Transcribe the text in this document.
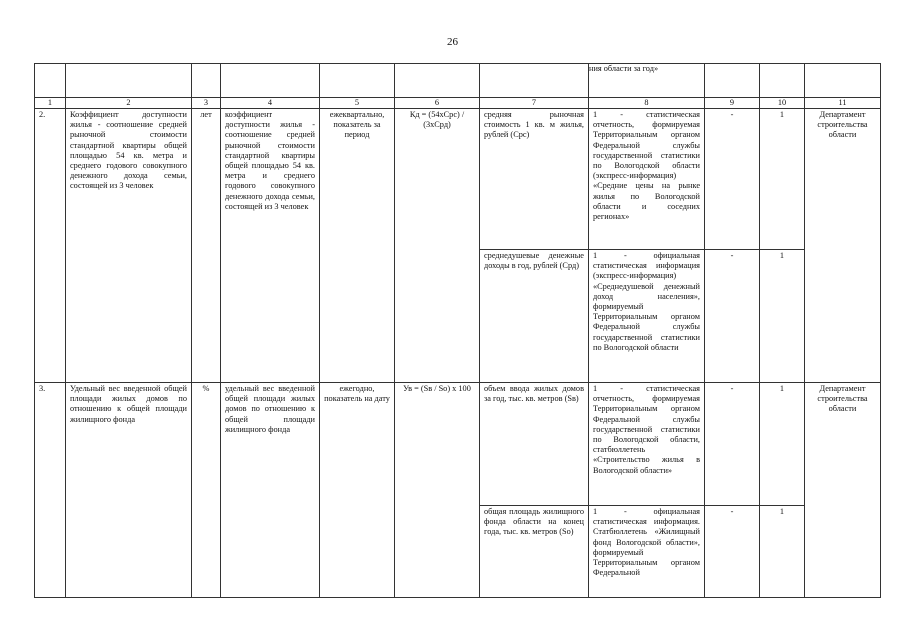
26

							ния области за год»			

1	2	3	4	5	6	7	8	9	10	11
2.	Коэффициент доступности жилья - соотношение средней рыночной стоимости стандартной квартиры общей площадью 54 кв. метра и среднего годового совокупного денежного дохода семьи, состоящей из 3 человек	лет	коэффициент доступности жилья - соотношение средней рыночной стоимости стандартной квартиры общей площадью 54 кв. метра и среднего годового совокупного денежного дохода семьи, состоящей из 3 человек	ежеквартально, показатель за период	Кд = (54хСрс) / (3хСрд)	средняя рыночная стоимость 1 кв. м жилья, рублей (Срс)	1 - статистическая отчетность, формируемая Территориальным органом Федеральной службы государственной статистики по Вологодской области (экспресс-информация) «Средние цены на рынке жилья по Вологодской области и соседних регионах»	-	1	Департамент строительства области
						среднедушевые денежные доходы в год, рублей (Срд)	1 - официальная статистическая информация (экспресс-информация) «Среднедушевой денежный доход населения», формируемый Территориальным органом Федеральной службы государственной статистики по Вологодской области	-	1	
3.	Удельный вес введенной общей площади жилых домов по отношению к общей площади жилищного фонда	%	удельный вес введенной общей площади жилых домов по отношению к общей площади жилищного фонда	ежегодно, показатель на дату	Ув = (Sв / Sо) х 100	объем ввода жилых домов за год, тыс. кв. метров (Sв)	1 - статистическая отчетность, формируемая Территориальным органом Федеральной службы государственной статистики по Вологодской области, статбюллетень «Строительство жилья в Вологодской области»	-	1	Департамент строительства области
						общая площадь жилищного фонда области на конец года, тыс. кв. метров (Sо)	1 - официальная статистическая информация. Статбюллетень «Жилищный фонд Вологодской области», формируемый Территориальным органом Федеральной	-	1	
